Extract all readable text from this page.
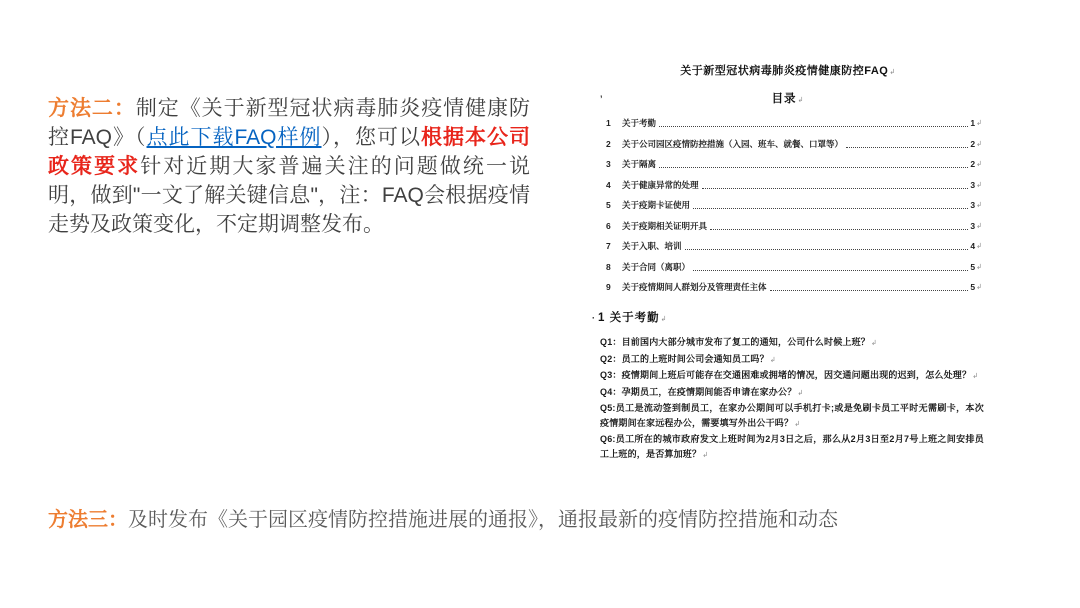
方法二：制定《关于新型冠状病毒肺炎疫情健康防控FAQ》（点此下载FAQ样例），您可以根据本公司政策要求针对近期大家普遍关注的问题做统一说明，做到"一文了解关键信息"，注：FAQ会根据疫情走势及政策变化，不定期调整发布。

关于新型冠状病毒肺炎疫情健康防控FAQ↲
’	目录↲
1	关于考勤	1 ↲
2	关于公司园区疫情防控措施（入园、班车、就餐、口罩等）	2 ↲
3	关于隔离	2 ↲
4	关于健康异常的处理	3 ↲
5	关于疫期卡证使用	3 ↲
6	关于疫期相关证明开具	3 ↲
7	关于入职、培训	4 ↲
8	关于合同（离职）	5 ↲
9	关于疫情期间人群划分及管理责任主体	5 ↲
· 1 关于考勤↲
Q1：目前国内大部分城市发布了复工的通知，公司什么时候上班？↲
Q2：员工的上班时间公司会通知员工吗？↲
Q3：疫情期间上班后可能存在交通困难或拥堵的情况，因交通问题出现的迟到，怎么处理？↲
Q4：孕期员工，在疫情期间能否申请在家办公？↲
Q5:员工是流动签到制员工，在家办公期间可以手机打卡;或是免刷卡员工平时无需刷卡，本次疫情期间在家远程办公，需要填写外出公干吗？↲
Q6:员工所在的城市政府发文上班时间为2月3日之后，那么从2月3日至2月7号上班之间安排员工上班的，是否算加班？↲

方法三：及时发布《关于园区疫情防控措施进展的通报》，通报最新的疫情防控措施和动态
